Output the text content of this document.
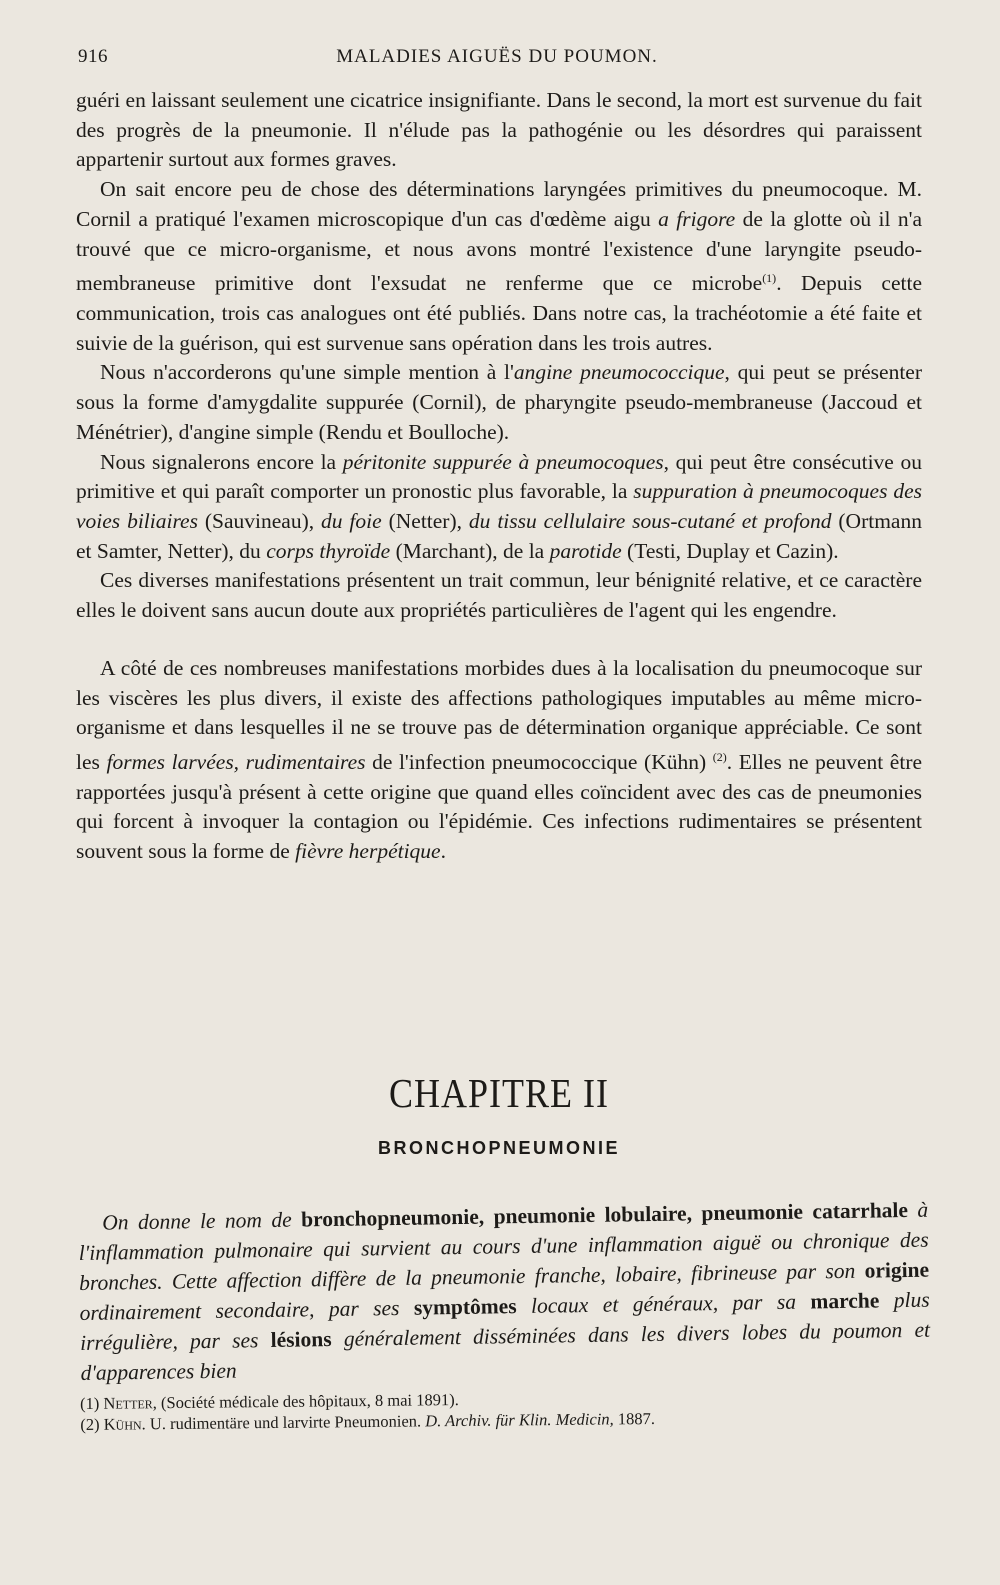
916	MALADIES AIGUËS DU POUMON.

guéri en laissant seulement une cicatrice insignifiante. Dans le second, la mort est survenue du fait des progrès de la pneumonie. Il n'élude pas la pathogénie ou les désordres qui paraissent appartenir surtout aux formes graves.

On sait encore peu de chose des déterminations laryngées primitives du pneumocoque. M. Cornil a pratiqué l'examen microscopique d'un cas d'œdème aigu a frigore de la glotte où il n'a trouvé que ce micro-organisme, et nous avons montré l'existence d'une laryngite pseudo-membraneuse primitive dont l'exsudat ne renferme que ce microbe$^{(1)}$. Depuis cette communication, trois cas analogues ont été publiés. Dans notre cas, la trachéotomie a été faite et suivie de la guérison, qui est survenue sans opération dans les trois autres.

Nous n'accorderons qu'une simple mention à l'angine pneumococcique, qui peut se présenter sous la forme d'amygdalite suppurée (Cornil), de pharyngite pseudo-membraneuse (Jaccoud et Ménétrier), d'angine simple (Rendu et Boulloche).

Nous signalerons encore la péritonite suppurée à pneumocoques, qui peut être consécutive ou primitive et qui paraît comporter un pronostic plus favorable, la suppuration à pneumocoques des voies biliaires (Sauvineau), du foie (Netter), du tissu cellulaire sous-cutané et profond (Ortmann et Samter, Netter), du corps thyroïde (Marchant), de la parotide (Testi, Duplay et Cazin).

Ces diverses manifestations présentent un trait commun, leur bénignité relative, et ce caractère elles le doivent sans aucun doute aux propriétés particulières de l'agent qui les engendre.

A côté de ces nombreuses manifestations morbides dues à la localisation du pneumocoque sur les viscères les plus divers, il existe des affections pathologiques imputables au même micro-organisme et dans lesquelles il ne se trouve pas de détermination organique appréciable. Ce sont les formes larvées, rudimentaires de l'infection pneumococcique (Kühn) $^{(2)}$. Elles ne peuvent être rapportées jusqu'à présent à cette origine que quand elles coïncident avec des cas de pneumonies qui forcent à invoquer la contagion ou l'épidémie. Ces infections rudimentaires se présentent souvent sous la forme de fièvre herpétique.

CHAPITRE II
BRONCHOPNEUMONIE

On donne le nom de bronchopneumonie, pneumonie lobulaire, pneumonie catarrhale à l'inflammation pulmonaire qui survient au cours d'une inflammation aiguë ou chronique des bronches. Cette affection diffère de la pneumonie franche, lobaire, fibrineuse par son origine ordinairement secondaire, par ses symptômes locaux et généraux, par sa marche plus irrégulière, par ses lésions généralement disséminées dans les divers lobes du poumon et d'apparences bien

(1) Netter, (Société médicale des hôpitaux, 8 mai 1891).
(2) Kühn. U. rudimentäre und larvirte Pneumonien. D. Archiv. für Klin. Medicin, 1887.
